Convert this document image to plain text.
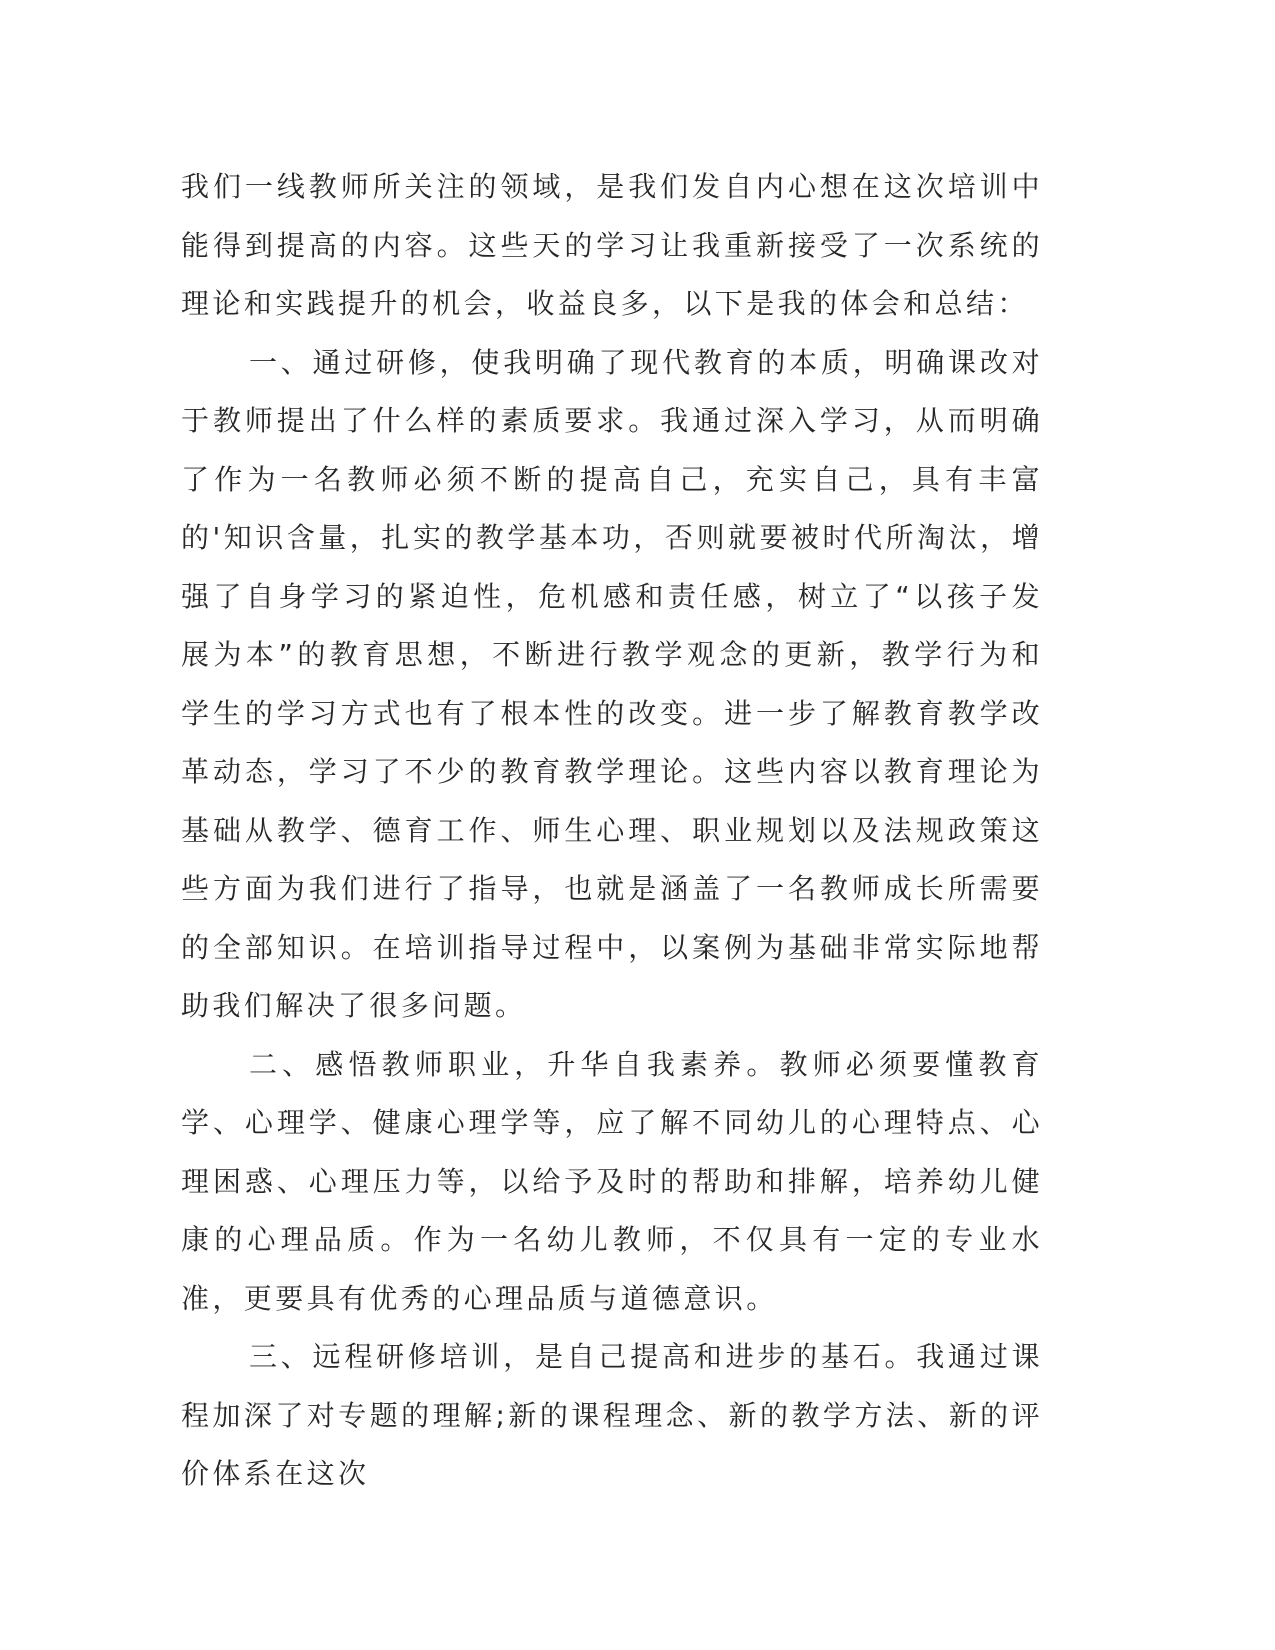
我们一线教师所关注的领域，是我们发自内心想在这次培训中能得到提高的内容。这些天的学习让我重新接受了一次系统的理论和实践提升的机会，收益良多，以下是我的体会和总结：

一、通过研修，使我明确了现代教育的本质，明确课改对于教师提出了什么样的素质要求。我通过深入学习，从而明确了作为一名教师必须不断的提高自己，充实自己，具有丰富的'知识含量，扎实的教学基本功，否则就要被时代所淘汰，增强了自身学习的紧迫性，危机感和责任感，树立了“以孩子发展为本”的教育思想，不断进行教学观念的更新，教学行为和学生的学习方式也有了根本性的改变。进一步了解教育教学改革动态，学习了不少的教育教学理论。这些内容以教育理论为基础从教学、德育工作、师生心理、职业规划以及法规政策这些方面为我们进行了指导，也就是涵盖了一名教师成长所需要的全部知识。在培训指导过程中，以案例为基础非常实际地帮助我们解决了很多问题。

二、感悟教师职业，升华自我素养。教师必须要懂教育学、心理学、健康心理学等，应了解不同幼儿的心理特点、心理困惑、心理压力等，以给予及时的帮助和排解，培养幼儿健康的心理品质。作为一名幼儿教师，不仅具有一定的专业水准，更要具有优秀的心理品质与道德意识。

三、远程研修培训，是自己提高和进步的基石。我通过课程加深了对专题的理解;新的课程理念、新的教学方法、新的评价体系在这次
